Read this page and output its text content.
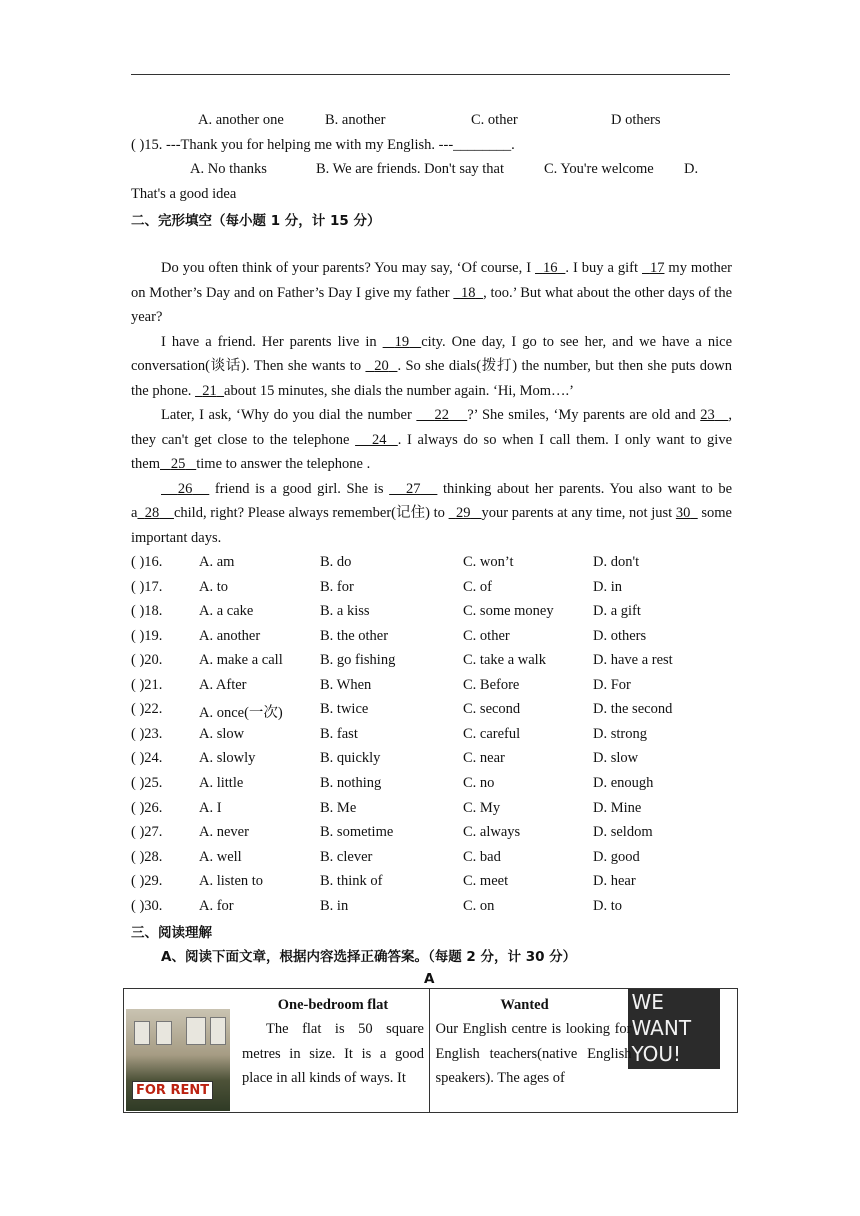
A. another one	B. another	C. other	D others
( )15. ---Thank you for helping me with my English. ---________.
A. No thanks	B. We are friends. Don't say that	C. You're welcome D.
That's a good idea
二、完形填空（每小题 1 分，计 15 分）

Do you often think of your parents? You may say, ‘Of course, I   16 . I buy a gift   17 my mother on Mother’s Day and on Father’s Day I give my father   18 , too.’ But what about the other days of the year?

I have a friend. Her parents live in   19 city. One day, I go to see her, and we have a nice conversation(谈话). Then she wants to   20 . So she dials(拨打) the number, but then she puts down the phone.   21 about 15 minutes, she dials the number again. ‘Hi, Mom….’

Later, I ask, ‘Why do you dial the number     22 ?’ She smiles, ‘My parents are old and 23 , they can't get close to the telephone    24 . I always do so when I call them. I only want to give them 25 time to answer the telephone .

26    friend is a good girl. She is    27    thinking about her parents. You also want to be a 28 child, right? Please always remember(记住) to   29 your parents at any time, not just 30   some important days.

( )16.	A. am	B. do	C. won’t	D. don't
( )17.	A. to	B. for	C. of	D. in
( )18.	A. a cake	B. a kiss	C. some money	D. a gift
( )19.	A. another	B. the other	C. other	D. others
( )20.	A. make a call	B. go fishing	C. take a walk	D. have a rest
( )21.	A. After	B. When	C. Before	D. For
( )22.	A. once(一次)	B. twice	C. second	D. the second
( )23.	A. slow	B. fast	C. careful	D. strong
( )24.	A. slowly	B. quickly	C. near	D. slow
( )25.	A. little	B. nothing	C. no	D. enough
( )26.	A. I	B. Me	C. My	D. Mine
( )27.	A. never	B. sometime	C. always	D. seldom
( )28.	A. well	B. clever	C. bad	D. good
( )29.	A. listen to	B. think of	C. meet	D. hear
( )30.	A. for	B. in	C. on	D. to
三、阅读理解
A、阅读下面文章，根据内容选择正确答案。（每题 2 分，计 30 分）
A
FOR RENT
One-bedroom flat
The flat is 50 square metres in size. It is a good place in all kinds of ways. It

Wanted	WE
WANT
YOU!
Our English centre is looking for English teachers(native English speakers). The ages of
